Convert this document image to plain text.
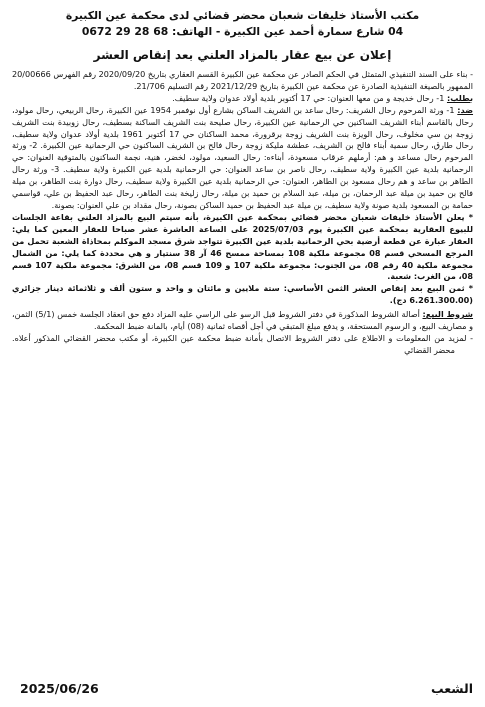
مكتب الأستاذ خليفات شعبان محضر قضائي لدى محكمة عين الكبيرة
04 شارع سمارة أحمد عين الكبيرة - الهاتف: 0672 29 28 68
إعلان عن بيع عقار بالمزاد العلني بعد إنقاص العشر

- بناء على السند التنفيذي المتمثل في الحكم الصادر عن محكمة عين الكبيرة القسم العقاري بتاريخ 2020/09/20 رقم الفهرس 20/00666 الممهور بالصيغة التنفيذية الصادرة عن محكمة عين الكبيرة بتاريخ 2021/12/29 رقم التسليم 21/706.

بطلب: 1- رحال خديجة و من معها العنوان: حي 17 أكتوبر بلدية أولاد عدوان ولاية سطيف.

ضد: 1- ورثة المرحوم رحال الشريف: رحال ساعد بن الشريف الساكن بشارع أول نوفمبر 1954 عين الكبيرة، رحال الربيعي، رحال مولود، رحال بالقاسم أبناء الشريف الساكنين حي الرحمانية عين الكبيرة، رحال صليحة بنت الشريف الساكنة بسطيف، رحال زوبيدة بنت الشريف زوجة بن سي مخلوف، رحال الويزة بنت الشريف زوجة برقرورة، محمد الساكنان حي 17 أكتوبر 1961 بلدية أولاد عدوان ولاية سطيف، رحال طارق، رحال سمية أبناء فالح بن الشريف، عطشة مليكة زوجة رحال فالح بن الشريف الساكنون حي الرحمانية عين الكبيرة. 2- ورثة المرحوم رحال مساعد و هم: أرملهم عرقاب مسعودة، أبناءه: رحال السعيد، مولود، لخضر، هنية، نجمة الساكنون بالمتوقية العنوان: حي الرحمانية بلدية عين الكبيرة ولاية سطيف، رحال ناصر بن ساعد العنوان: حي الرحمانية بلدية عين الكبيرة ولاية سطيف. 3- ورثة رحال الطاهر بن ساعد و هم رحال مسعود بن الطاهر، العنوان: حي الرحمانية بلدية عين الكبيرة ولاية سطيف، رحال دوارة بنت الطاهر، بن ميلة فالح بن حميد بن ميلة عبد الرحمان، بن ميلة، عبد السلام بن حميد بن ميلة، رحال زليخة بنت الطاهر، رحال عبد الحفيظ بن علي، قواسمي حمامة بن المسعود بلدية صونة ولاية سطيف، بن ميلة عبد الحفيظ بن حميد الساكن بصونة، رحال مقداد بن علي العنوان: بصونة.

* يعلن الأستاذ خليفات شعبان محضر قضائي بمحكمة عين الكبيرة، بأنه سيتم البيع بالمزاد العلني بقاعة الجلسات للبيوع العقارية بمحكمة عين الكبيرة يوم 2025/07/03 على الساعة العاشرة عشر صباحا للعقار المعين كما يلي: العقار عبارة عن قطعة أرضية بحي الرحمانية بلدية عين الكبيرة تتواجد شرق مسجد الموكلم بمحاذاة الشعبة تحمل من المرجع المسحي قسم 08 مجموعة ملكية 108 بمساحة ممسح 46 آر 38 سنتيار و هي محددة كما يلي: من الشمال مجموعة ملكية 40 رقم 08، من الجنوب: مجموعة ملكية 107 و 109 قسم 08، من الشرق: مجموعة ملكية 107 قسم 08، من الغرب: شعبة.

* ثمن البيع بعد إنقاص العشر الثمن الأساسي: ستة ملايين و مائتان و واحد و ستون ألف و ثلاثمائة دينار جزائري (6.261.300.00 دج).

شروط البيع: أصالة الشروط المذكورة في دفتر الشروط قبل الرسو على الراسي عليه المزاد دفع حق انعقاد الجلسة خمس (5/1) الثمن، و مصاريف البيع، و الرسوم المستحقة، و يدفع مبلغ المتبقي في أجل أقصاه ثمانية (08) أيام، بالمانة ضبط المحكمة.

- لمزيد من المعلومات و الاطلاع على دفتر الشروط الاتصال بأمانة ضبط محكمة عين الكبيرة، أو مكتب محضر القضائي المذكور أعلاه. محضر القضائي

الشعب
2025/06/26
